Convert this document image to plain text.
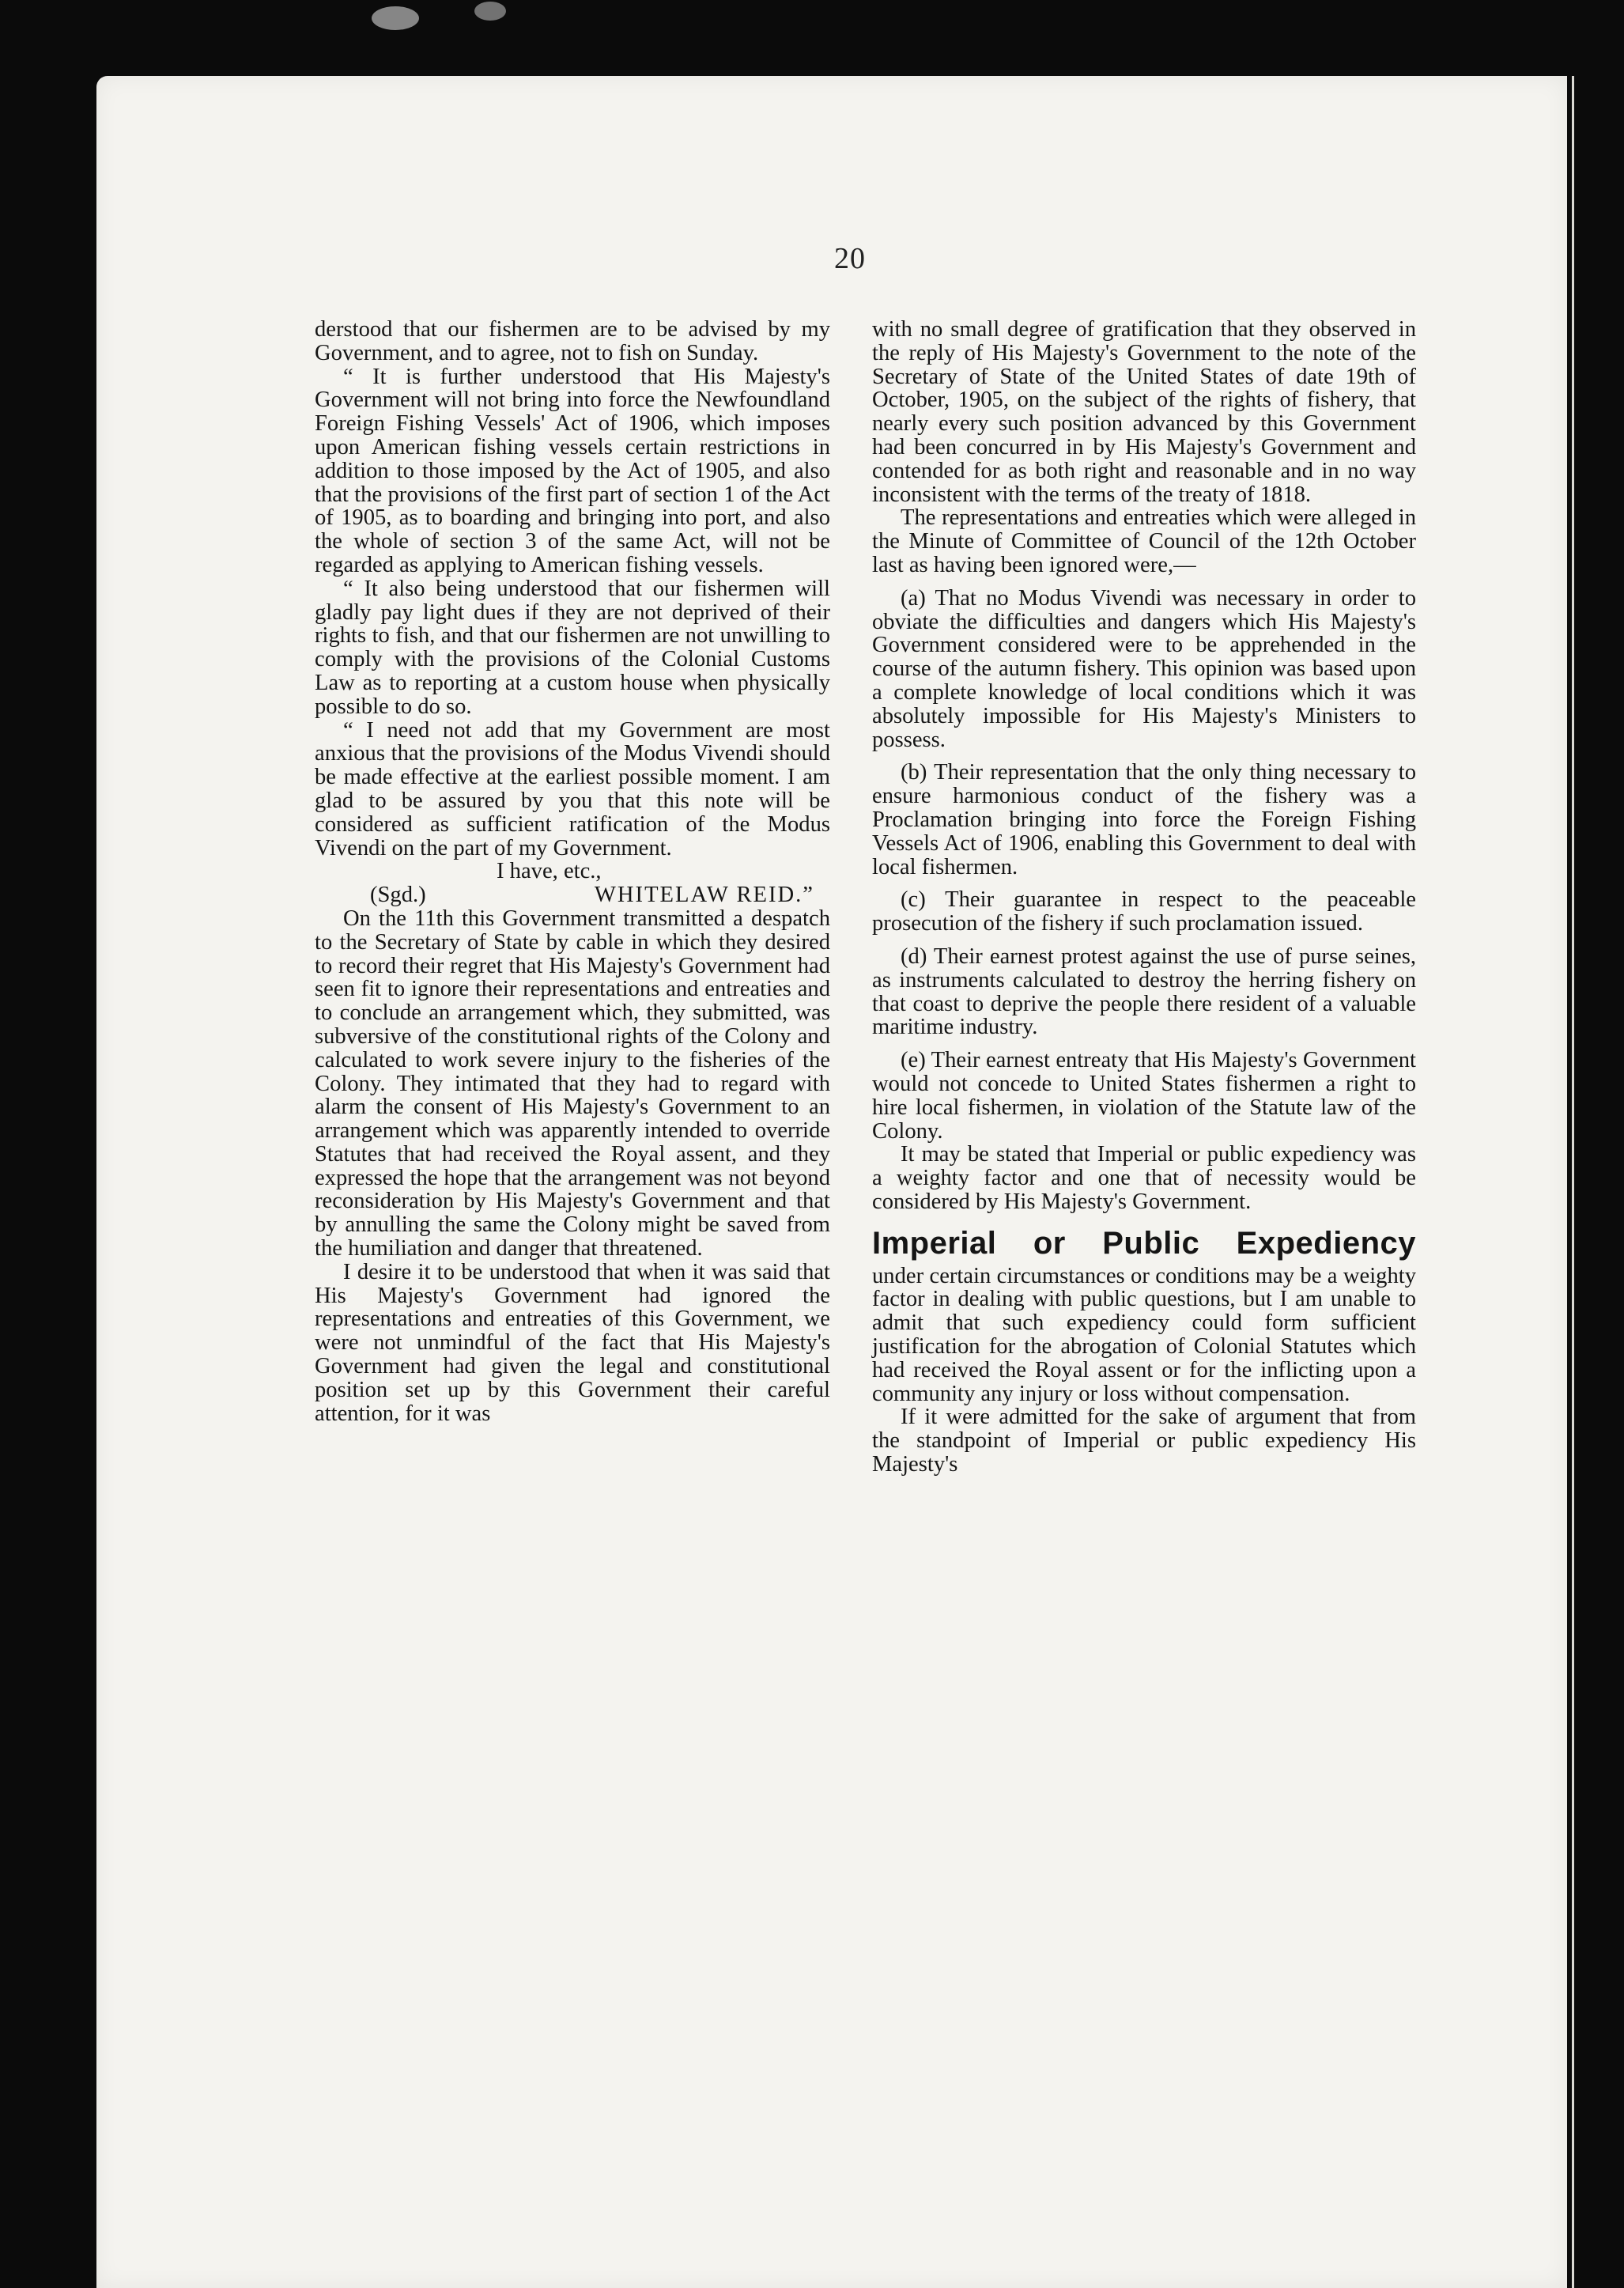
20

derstood that our fishermen are to be advised by my Government, and to agree, not to fish on Sunday.

“ It is further understood that His Majesty's Government will not bring into force the Newfoundland Foreign Fishing Vessels' Act of 1906, which imposes upon American fishing vessels certain restrictions in addition to those imposed by the Act of 1905, and also that the provisions of the first part of section 1 of the Act of 1905, as to boarding and bringing into port, and also the whole of section 3 of the same Act, will not be regarded as applying to American fishing vessels.

“ It also being understood that our fishermen will gladly pay light dues if they are not deprived of their rights to fish, and that our fishermen are not unwilling to comply with the provisions of the Colonial Customs Law as to reporting at a custom house when physically possible to do so.

“ I need not add that my Government are most anxious that the provisions of the Modus Vivendi should be made effective at the earliest possible moment. I am glad to be assured by you that this note will be considered as sufficient ratification of the Modus Vivendi on the part of my Government.

I have, etc.,

(Sgd.)	WHITELAW REID.”

On the 11th this Government transmitted a despatch to the Secretary of State by cable in which they desired to record their regret that His Majesty's Government had seen fit to ignore their representations and entreaties and to conclude an arrangement which, they submitted, was subversive of the constitutional rights of the Colony and calculated to work severe injury to the fisheries of the Colony. They intimated that they had to regard with alarm the consent of His Majesty's Government to an arrangement which was apparently intended to override Statutes that had received the Royal assent, and they expressed the hope that the arrangement was not beyond reconsideration by His Majesty's Government and that by annulling the same the Colony might be saved from the humiliation and danger that threatened.

I desire it to be understood that when it was said that His Majesty's Government had ignored the representations and entreaties of this Government, we were not unmindful of the fact that His Majesty's Government had given the legal and constitutional position set up by this Government their careful attention, for it was

with no small degree of gratification that they observed in the reply of His Majesty's Government to the note of the Secretary of State of the United States of date 19th of October, 1905, on the subject of the rights of fishery, that nearly every such position advanced by this Government had been concurred in by His Majesty's Government and contended for as both right and reasonable and in no way inconsistent with the terms of the treaty of 1818.

The representations and entreaties which were alleged in the Minute of Committee of Council of the 12th October last as having been ignored were,—

(a) That no Modus Vivendi was necessary in order to obviate the difficulties and dangers which His Majesty's Government considered were to be apprehended in the course of the autumn fishery. This opinion was based upon a complete knowledge of local conditions which it was absolutely impossible for His Majesty's Ministers to possess.

(b) Their representation that the only thing necessary to ensure harmonious conduct of the fishery was a Proclamation bringing into force the Foreign Fishing Vessels Act of 1906, enabling this Government to deal with local fishermen.

(c) Their guarantee in respect to the peaceable prosecution of the fishery if such proclamation issued.

(d) Their earnest protest against the use of purse seines, as instruments calculated to destroy the herring fishery on that coast to deprive the people there resident of a valuable maritime industry.

(e) Their earnest entreaty that His Majesty's Government would not concede to United States fishermen a right to hire local fishermen, in violation of the Statute law of the Colony.

It may be stated that Imperial or public expediency was a weighty factor and one that of necessity would be considered by His Majesty's Government.

Imperial or Public Expediency

under certain circumstances or conditions may be a weighty factor in dealing with public questions, but I am unable to admit that such expediency could form sufficient justification for the abrogation of Colonial Statutes which had received the Royal assent or for the inflicting upon a community any injury or loss without compensation.

If it were admitted for the sake of argument that from the standpoint of Imperial or public expediency His Majesty's
